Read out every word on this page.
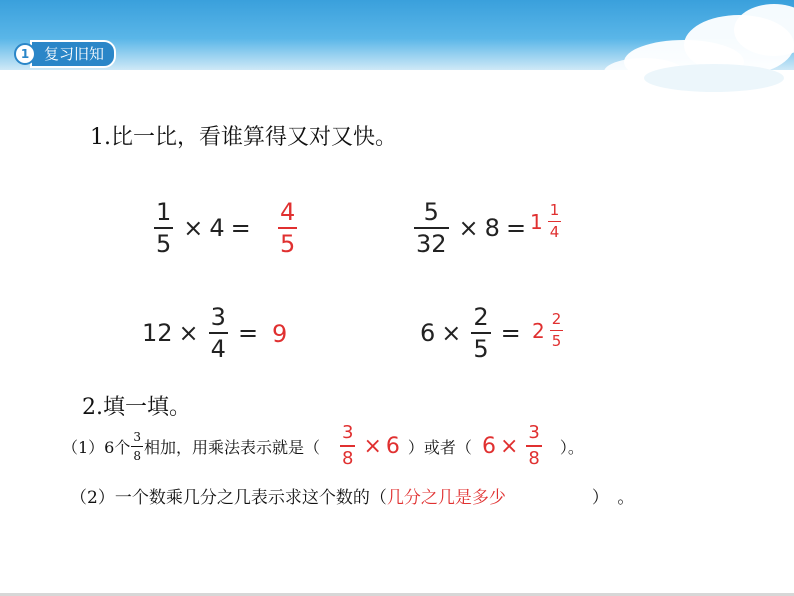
1 复习旧知
1.比一比，看谁算得又对又快。
$\frac{1}{5} \times 4 = \frac{4}{5}$	$\frac{5}{32} \times 8 = 1 \frac{1}{4}$
$12 \times \frac{3}{4} = 9$	$6 \times \frac{2}{5} = 2 \frac{2}{5}$
2.填一填。
（1）6个 $\frac{3}{8}$ 相加，用乘法表示就是（ $\frac{3}{8} \times 6$ ）或者（ $6 \times \frac{3}{8}$ ）。
（2）一个数乘几分之几表示求这个数的（ 几分之几是多少	）　。
